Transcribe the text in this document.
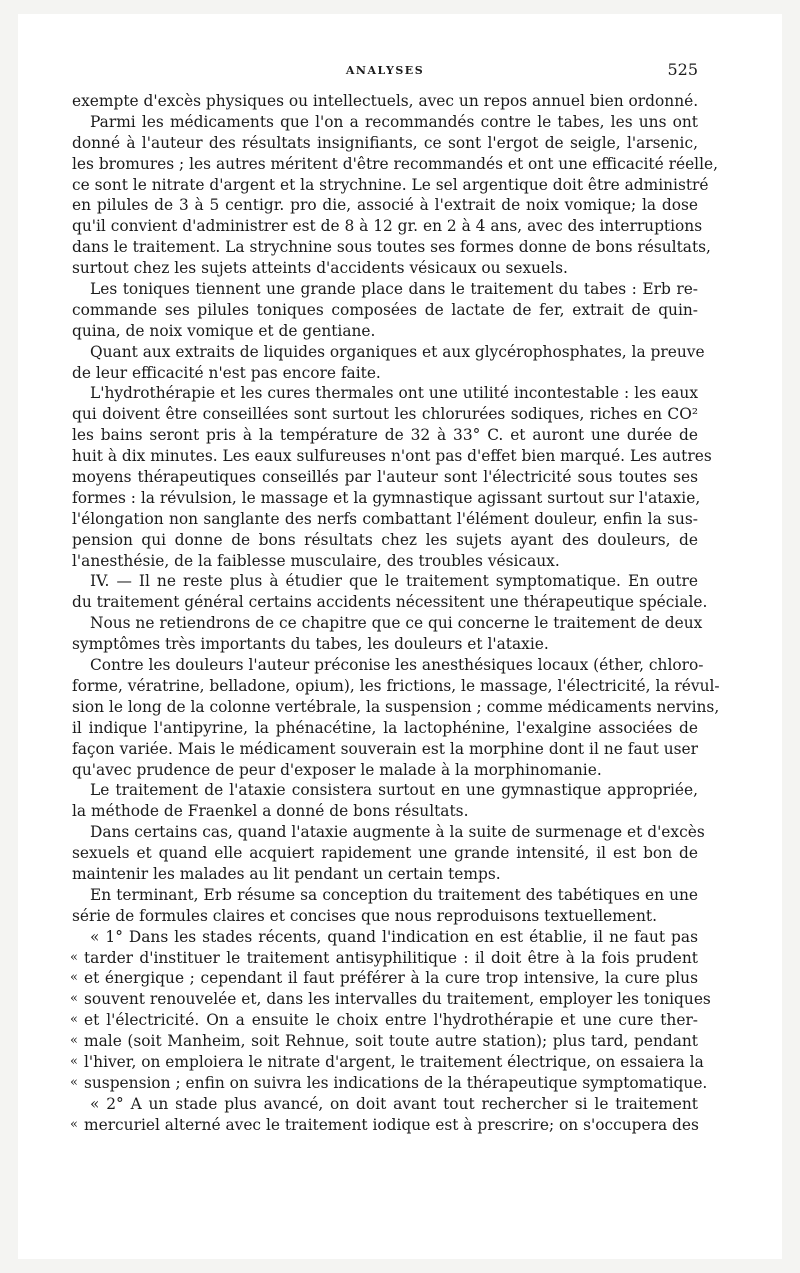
ANALYSES	525
exempte d'excès physiques ou intellectuels, avec un repos annuel bien ordonné.
Parmi les médicaments que l'on a recommandés contre le tabes, les uns ont
donné à l'auteur des résultats insignifiants, ce sont l'ergot de seigle, l'arsenic,
les bromures ; les autres méritent d'être recommandés et ont une efficacité réelle,
ce sont le nitrate d'argent et la strychnine. Le sel argentique doit être administré
en pilules de 3 à 5 centigr. pro die, associé à l'extrait de noix vomique; la dose
qu'il convient d'administrer est de 8 à 12 gr. en 2 à 4 ans, avec des interruptions
dans le traitement. La strychnine sous toutes ses formes donne de bons résultats,
surtout chez les sujets atteints d'accidents vésicaux ou sexuels.
Les toniques tiennent une grande place dans le traitement du tabes : Erb re-
commande ses pilules toniques composées de lactate de fer, extrait de quin-
quina, de noix vomique et de gentiane.
Quant aux extraits de liquides organiques et aux glycérophosphates, la preuve
de leur efficacité n'est pas encore faite.
L'hydrothérapie et les cures thermales ont une utilité incontestable : les eaux
qui doivent être conseillées sont surtout les chlorurées sodiques, riches en CO²
les bains seront pris à la température de 32 à 33° C. et auront une durée de
huit à dix minutes. Les eaux sulfureuses n'ont pas d'effet bien marqué. Les autres
moyens thérapeutiques conseillés par l'auteur sont l'électricité sous toutes ses
formes : la révulsion, le massage et la gymnastique agissant surtout sur l'ataxie,
l'élongation non sanglante des nerfs combattant l'élément douleur, enfin la sus-
pension qui donne de bons résultats chez les sujets ayant des douleurs, de
l'anesthésie, de la faiblesse musculaire, des troubles vésicaux.
IV. — Il ne reste plus à étudier que le traitement symptomatique. En outre
du traitement général certains accidents nécessitent une thérapeutique spéciale.
Nous ne retiendrons de ce chapitre que ce qui concerne le traitement de deux
symptômes très importants du tabes, les douleurs et l'ataxie.
Contre les douleurs l'auteur préconise les anesthésiques locaux (éther, chloro-
forme, vératrine, belladone, opium), les frictions, le massage, l'électricité, la révul-
sion le long de la colonne vertébrale, la suspension ; comme médicaments nervins,
il indique l'antipyrine, la phénacétine, la lactophénine, l'exalgine associées de
façon variée. Mais le médicament souverain est la morphine dont il ne faut user
qu'avec prudence de peur d'exposer le malade à la morphinomanie.
Le traitement de l'ataxie consistera surtout en une gymnastique appropriée,
la méthode de Fraenkel a donné de bons résultats.
Dans certains cas, quand l'ataxie augmente à la suite de surmenage et d'excès
sexuels et quand elle acquiert rapidement une grande intensité, il est bon de
maintenir les malades au lit pendant un certain temps.
En terminant, Erb résume sa conception du traitement des tabétiques en une
série de formules claires et concises que nous reproduisons textuellement.
« 1° Dans les stades récents, quand l'indication en est établie, il ne faut pas
« tarder d'instituer le traitement antisyphilitique : il doit être à la fois prudent
« et énergique ; cependant il faut préférer à la cure trop intensive, la cure plus
« souvent renouvelée et, dans les intervalles du traitement, employer les toniques
« et l'électricité. On a ensuite le choix entre l'hydrothérapie et une cure ther-
« male (soit Manheim, soit Rehnue, soit toute autre station); plus tard, pendant
« l'hiver, on emploiera le nitrate d'argent, le traitement électrique, on essaiera la
« suspension ; enfin on suivra les indications de la thérapeutique symptomatique.
« 2° A un stade plus avancé, on doit avant tout rechercher si le traitement
« mercuriel alterné avec le traitement iodique est à prescrire; on s'occupera des
